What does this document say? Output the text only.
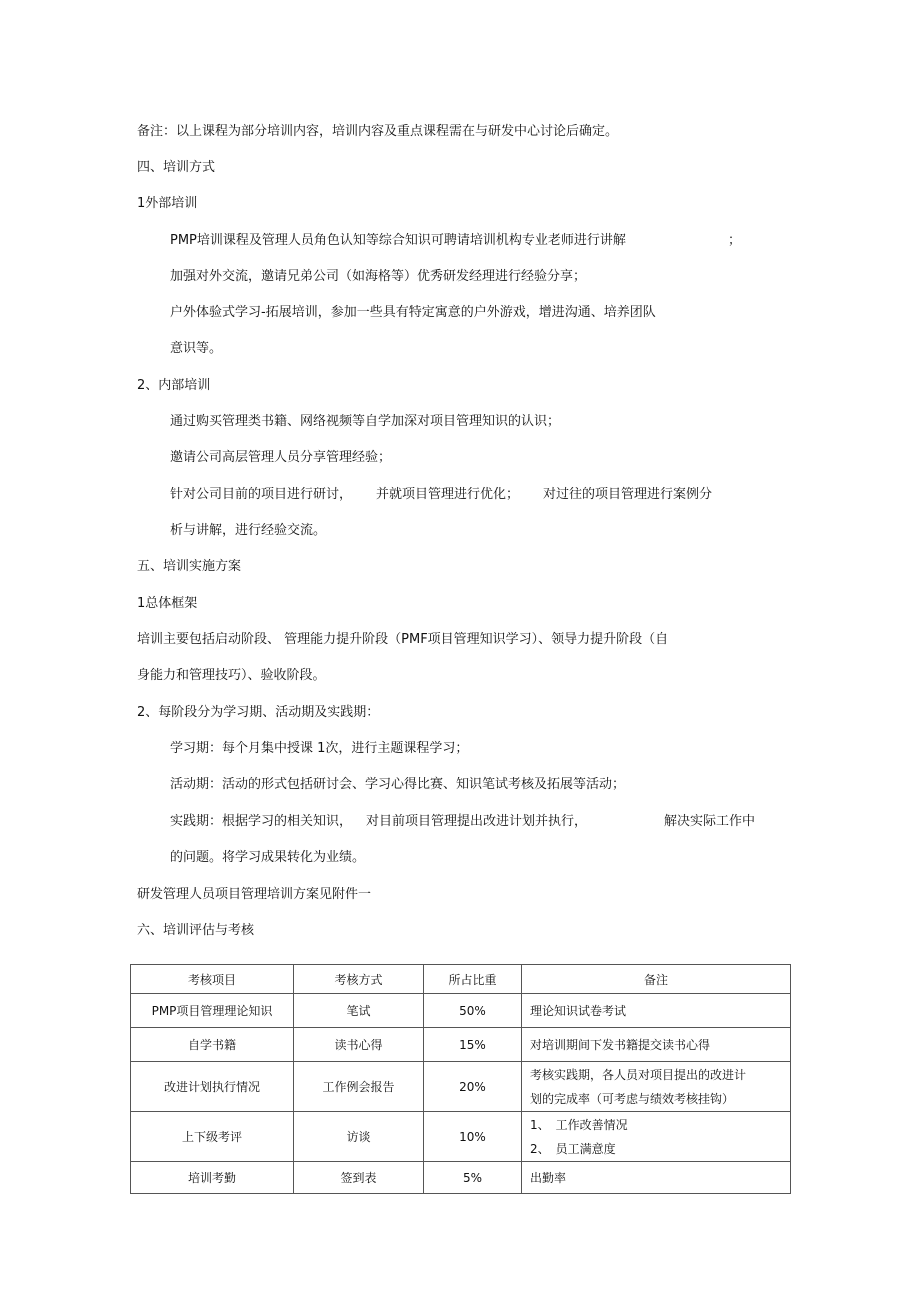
备注：以上课程为部分培训内容，培训内容及重点课程需在与研发中心讨论后确定。
四、培训方式
1外部培训
PMP培训课程及管理人员角色认知等综合知识可聘请培训机构专业老师进行讲解	；
加强对外交流，邀请兄弟公司（如海格等）优秀研发经理进行经验分享；
户外体验式学习-拓展培训，参加一些具有特定寓意的户外游戏，增进沟通、培养团队
意识等。
2、内部培训
通过购买管理类书籍、网络视频等自学加深对项目管理知识的认识；
邀请公司高层管理人员分享管理经验；
针对公司目前的项目进行研讨， 并就项目管理进行优化； 对过往的项目管理进行案例分
析与讲解，进行经验交流。
五、培训实施方案
1总体框架
培训主要包括启动阶段、 管理能力提升阶段（PMF项目管理知识学习）、领导力提升阶段（自
身能力和管理技巧）、验收阶段。
2、每阶段分为学习期、活动期及实践期：
学习期：每个月集中授课 1次，进行主题课程学习；
活动期：活动的形式包括研讨会、学习心得比赛、知识笔试考核及拓展等活动；
实践期：根据学习的相关知识， 对目前项目管理提出改进计划并执行，	解决实际工作中
的问题。将学习成果转化为业绩。
研发管理人员项目管理培训方案见附件一
六、培训评估与考核
考核项目	考核方式	所占比重	备注
PMP项目管理理论知识	笔试	50%	理论知识试卷考试

自学书籍	读书心得	15%	对培训期间下发书籍提交读书心得

改进计划执行情况	工作例会报告	20%	考核实践期，各人员对项目提出的改进计
划的完成率（可考虑与绩效考核挂钩）

上下级考评	访谈	10%	1、　工作改善情况
2、　员工满意度

培训考勤	签到表	5%	出勤率
